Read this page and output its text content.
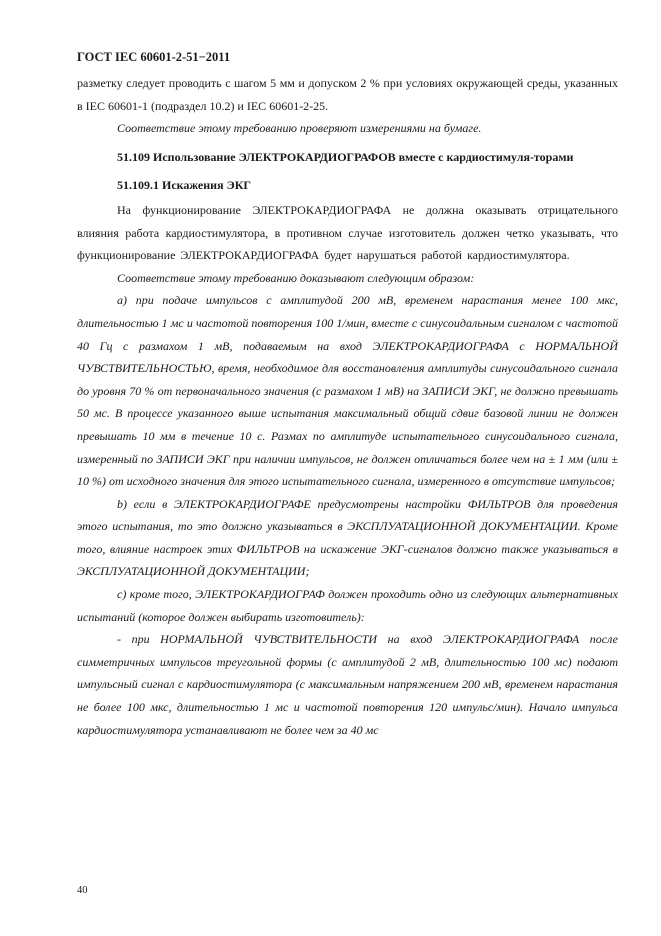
ГОСТ IEC 60601-2-51−2011

разметку следует проводить с шагом 5 мм и допуском 2 % при условиях окружающей среды, указанных в IEC 60601-1 (подраздел 10.2) и IEC 60601-2-25.

Соответствие этому требованию проверяют измерениями на бумаге.

51.109 Использование ЭЛЕКТРОКАРДИОГРАФОВ вместе с кардиостимуля-торами

51.109.1 Искажения ЭКГ

На функционирование ЭЛЕКТРОКАРДИОГРАФА не должна оказывать отрицательного влияния работа кардиостимулятора, в противном случае изготовитель должен четко указывать, что функционирование ЭЛЕКТРОКАРДИОГРАФА будет нарушаться работой кардиостимулятора.

Соответствие этому требованию доказывают следующим образом:

a) при подаче импульсов с амплитудой 200 мВ, временем нарастания менее 100 мкс, длительностью 1 мс и частотой повторения 100 1/мин, вместе с синусоидальным сигналом с частотой 40 Гц с размахом 1 мВ, подаваемым на вход ЭЛЕКТРОКАРДИОГРАФА с НОРМАЛЬНОЙ ЧУВСТВИТЕЛЬНОСТЬЮ, время, необходимое для восстановления амплитуды синусоидального сигнала до уровня 70 % от первоначального значения (с размахом 1 мВ) на ЗАПИСИ ЭКГ, не должно превышать 50 мс. В процессе указанного выше испытания максимальный общий сдвиг базовой линии не должен превышать 10 мм в течение 10 с. Размах по амплитуде испытательного синусоидального сигнала, измеренный по ЗАПИСИ ЭКГ при наличии импульсов, не должен отличаться более чем на ± 1 мм (или ± 10 %) от исходного значения для этого испытательного сигнала, измеренного в отсутствие импульсов;

b) если в ЭЛЕКТРОКАРДИОГРАФЕ предусмотрены настройки ФИЛЬТРОВ для проведения этого испытания, то это должно указываться в ЭКСПЛУАТАЦИОННОЙ ДОКУМЕНТАЦИИ. Кроме того, влияние настроек этих ФИЛЬТРОВ на искажение ЭКГ-сигналов должно также указываться в ЭКСПЛУАТАЦИОННОЙ ДОКУМЕНТАЦИИ;

c) кроме того, ЭЛЕКТРОКАРДИОГРАФ должен проходить одно из следующих альтернативных испытаний (которое должен выбирать изготовитель):

- при НОРМАЛЬНОЙ ЧУВСТВИТЕЛЬНОСТИ на вход ЭЛЕКТРОКАРДИОГРАФА после симметричных импульсов треугольной формы (с амплитудой 2 мВ, длительностью 100 мс) подают импульсный сигнал с кардиостимулятора (с максимальным напряжением 200 мВ, временем нарастания не более 100 мкс, длительностью 1 мс и частотой повторения 120 импульс/мин). Начало импульса кардиостимулятора устанавливают не более чем за 40 мс

40
